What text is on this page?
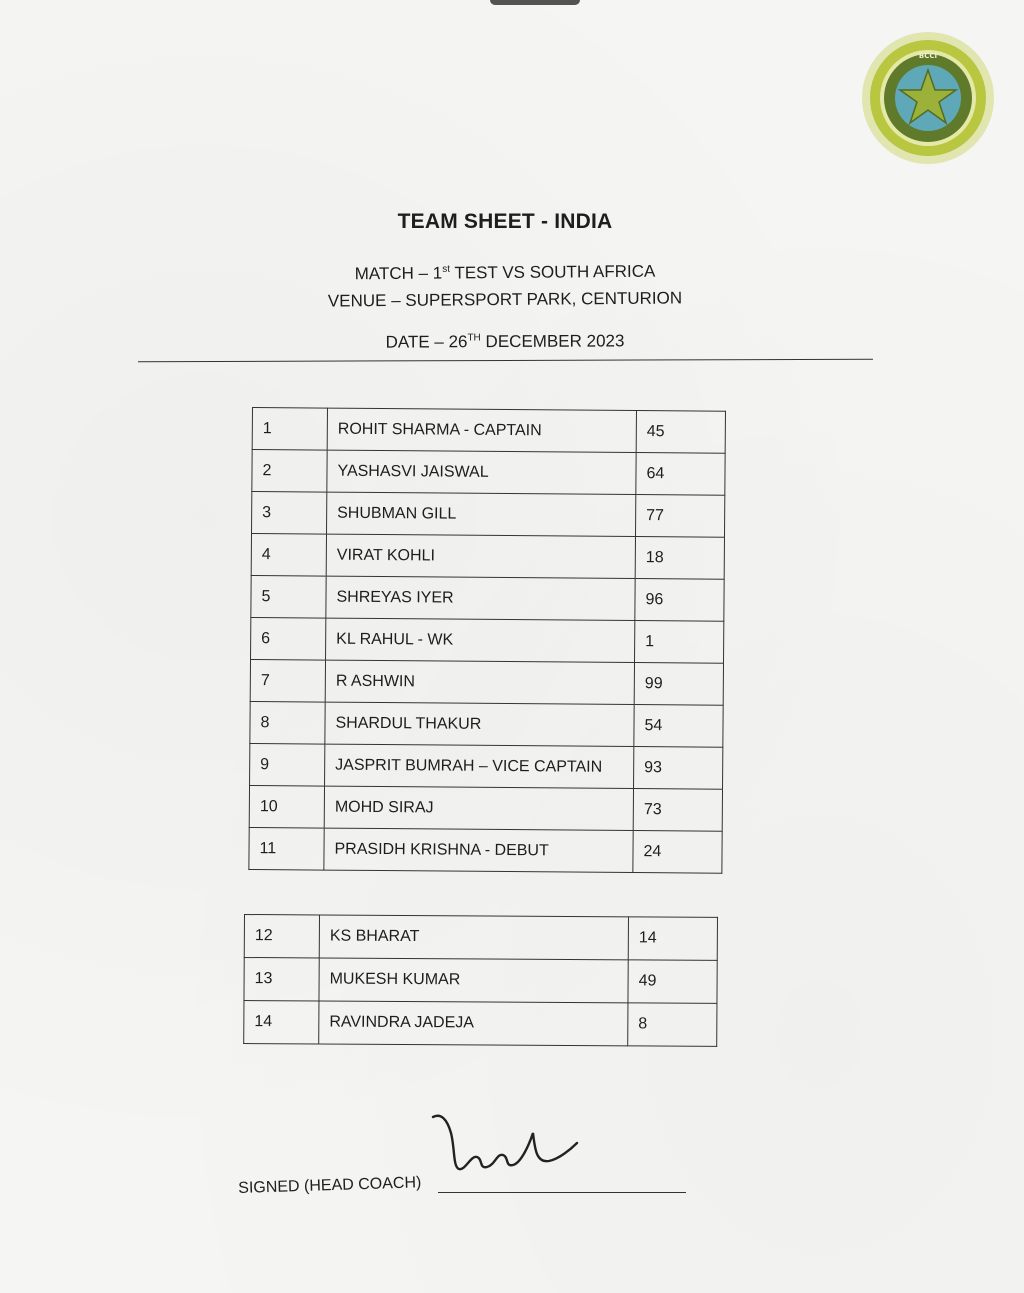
BCCI
TEAM SHEET - INDIA
MATCH – 1st TEST VS SOUTH AFRICA
VENUE – SUPERSPORT PARK, CENTURION
DATE – 26TH DECEMBER 2023
1	ROHIT SHARMA - CAPTAIN	45
2	YASHASVI JAISWAL	64
3	SHUBMAN GILL	77
4	VIRAT KOHLI	18
5	SHREYAS IYER	96
6	KL RAHUL - WK	1
7	R ASHWIN	99
8	SHARDUL THAKUR	54
9	JASPRIT BUMRAH – VICE CAPTAIN	93
10	MOHD SIRAJ	73
11	PRASIDH KRISHNA - DEBUT	24
12	KS BHARAT	14
13	MUKESH KUMAR	49
14	RAVINDRA JADEJA	8
SIGNED (HEAD COACH)
